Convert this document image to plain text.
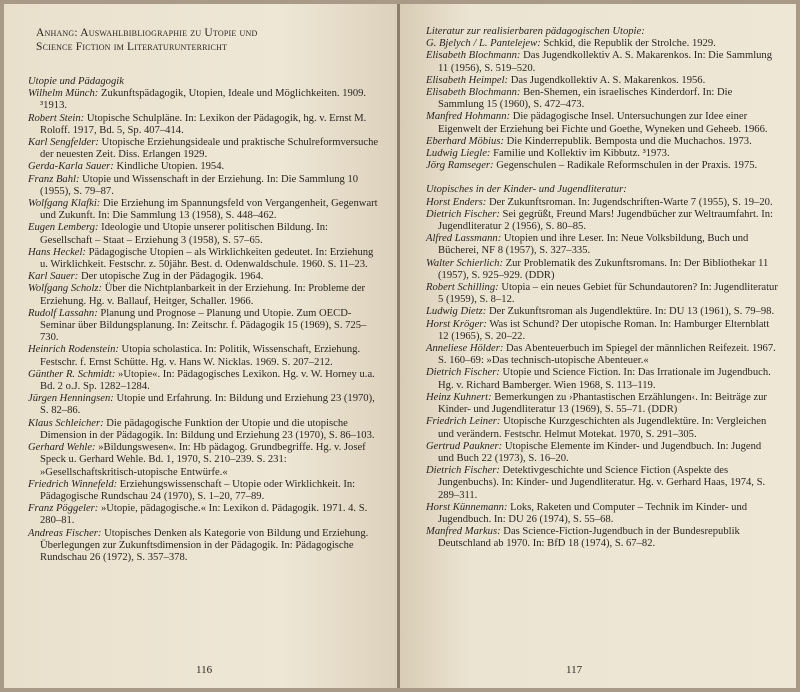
Anhang: Auswahlbibliographie zu Utopie und
Science Fiction im Literaturunterricht

Utopie und Pädagogik

Wilhelm Münch: Zukunftspädagogik, Utopien, Ideale und Möglichkeiten. 1909. ³1913.

Robert Stein: Utopische Schulpläne. In: Lexikon der Pädagogik, hg. v. Ernst M. Roloff. 1917, Bd. 5, Sp. 407–414.

Karl Sengfelder: Utopische Erziehungsideale und praktische Schulreformversuche der neuesten Zeit. Diss. Erlangen 1929.

Gerda-Karla Sauer: Kindliche Utopien. 1954.

Franz Bahl: Utopie und Wissenschaft in der Erziehung. In: Die Sammlung 10 (1955), S. 79–87.

Wolfgang Klafki: Die Erziehung im Spannungsfeld von Vergangenheit, Gegenwart und Zukunft. In: Die Sammlung 13 (1958), S. 448–462.

Eugen Lemberg: Ideologie und Utopie unserer politischen Bildung. In: Gesellschaft – Staat – Erziehung 3 (1958), S. 57–65.

Hans Heckel: Pädagogische Utopien – als Wirklichkeiten gedeutet. In: Erziehung u. Wirklichkeit. Festschr. z. 50jähr. Best. d. Odenwaldschule. 1960. S. 11–23.

Karl Sauer: Der utopische Zug in der Pädagogik. 1964.

Wolfgang Scholz: Über die Nichtplanbarkeit in der Erziehung. In: Probleme der Erziehung. Hg. v. Ballauf, Heitger, Schaller. 1966.

Rudolf Lassahn: Planung und Prognose – Planung und Utopie. Zum OECD-Seminar über Bildungsplanung. In: Zeitschr. f. Pädagogik 15 (1969), S. 725–730.

Heinrich Rodenstein: Utopia scholastica. In: Politik, Wissenschaft, Erziehung. Festschr. f. Ernst Schütte. Hg. v. Hans W. Nicklas. 1969. S. 207–212.

Günther R. Schmidt: »Utopie«. In: Pädagogisches Lexikon. Hg. v. W. Horney u.a. Bd. 2 o.J. Sp. 1282–1284.

Jürgen Henningsen: Utopie und Erfahrung. In: Bildung und Erziehung 23 (1970), S. 82–86.

Klaus Schleicher: Die pädagogische Funktion der Utopie und die utopische Dimension in der Pädagogik. In: Bildung und Erziehung 23 (1970), S. 86–103.

Gerhard Wehle: »Bildungswesen«. In: Hb pädagog. Grundbegriffe. Hg. v. Josef Speck u. Gerhard Wehle. Bd. 1, 1970, S. 210–239. S. 231: »Gesellschaftskritisch-utopische Entwürfe.«

Friedrich Winnefeld: Erziehungswissenschaft – Utopie oder Wirklichkeit. In: Pädagogische Rundschau 24 (1970), S. 1–20, 77–89.

Franz Pöggeler: »Utopie, pädagogische.« In: Lexikon d. Pädagogik. 1971. 4. S. 280–81.

Andreas Fischer: Utopisches Denken als Kategorie von Bildung und Erziehung. Überlegungen zur Zukunftsdimension in der Pädagogik. In: Pädagogische Rundschau 26 (1972), S. 357–378.

116

Literatur zur realisierbaren pädagogischen Utopie:

G. Bjelych / L. Pantelejew: Schkid, die Republik der Strolche. 1929.

Elisabeth Blochmann: Das Jugendkollektiv A. S. Makarenkos. In: Die Sammlung 11 (1956), S. 519–520.

Elisabeth Heimpel: Das Jugendkollektiv A. S. Makarenkos. 1956.

Elisabeth Blochmann: Ben-Shemen, ein israelisches Kinderdorf. In: Die Sammlung 15 (1960), S. 472–473.

Manfred Hohmann: Die pädagogische Insel. Untersuchungen zur Idee einer Eigenwelt der Erziehung bei Fichte und Goethe, Wyneken und Geheeb. 1966.

Eberhard Möbius: Die Kinderrepublik. Bemposta und die Muchachos. 1973.

Ludwig Liegle: Familie und Kollektiv im Kibbutz. ³1973.

Jörg Ramseger: Gegenschulen – Radikale Reformschulen in der Praxis. 1975.

Utopisches in der Kinder- und Jugendliteratur:

Horst Enders: Der Zukunftsroman. In: Jugendschriften-Warte 7 (1955), S. 19–20.

Dietrich Fischer: Sei gegrüßt, Freund Mars! Jugendbücher zur Weltraumfahrt. In: Jugendliteratur 2 (1956), S. 80–85.

Alfred Lassmann: Utopien und ihre Leser. In: Neue Volksbildung, Buch und Bücherei, NF 8 (1957), S. 327–335.

Walter Schierlich: Zur Problematik des Zukunftsromans. In: Der Bibliothekar 11 (1957), S. 925–929. (DDR)

Robert Schilling: Utopia – ein neues Gebiet für Schundautoren? In: Jugendliteratur 5 (1959), S. 8–12.

Ludwig Dietz: Der Zukunftsroman als Jugendlektüre. In: DU 13 (1961), S. 79–98.

Horst Kröger: Was ist Schund? Der utopische Roman. In: Hamburger Elternblatt 12 (1965), S. 20–22.

Anneliese Hölder: Das Abenteuerbuch im Spiegel der männlichen Reifezeit. 1967. S. 160–69: »Das technisch-utopische Abenteuer.«

Dietrich Fischer: Utopie und Science Fiction. In: Das Irrationale im Jugendbuch. Hg. v. Richard Bamberger. Wien 1968, S. 113–119.

Heinz Kuhnert: Bemerkungen zu ›Phantastischen Erzählungen‹. In: Beiträge zur Kinder- und Jugendliteratur 13 (1969), S. 55–71. (DDR)

Friedrich Leiner: Utopische Kurzgeschichten als Jugendlektüre. In: Vergleichen und verändern. Festschr. Helmut Motekat. 1970, S. 291–305.

Gertrud Paukner: Utopische Elemente im Kinder- und Jugendbuch. In: Jugend und Buch 22 (1973), S. 16–20.

Dietrich Fischer: Detektivgeschichte und Science Fiction (Aspekte des Jungenbuchs). In: Kinder- und Jugendliteratur. Hg. v. Gerhard Haas, 1974, S. 289–311.

Horst Künnemann: Loks, Raketen und Computer – Technik im Kinder- und Jugendbuch. In: DU 26 (1974), S. 55–68.

Manfred Markus: Das Science-Fiction-Jugendbuch in der Bundesrepublik Deutschland ab 1970. In: BfD 18 (1974), S. 67–82.

117
